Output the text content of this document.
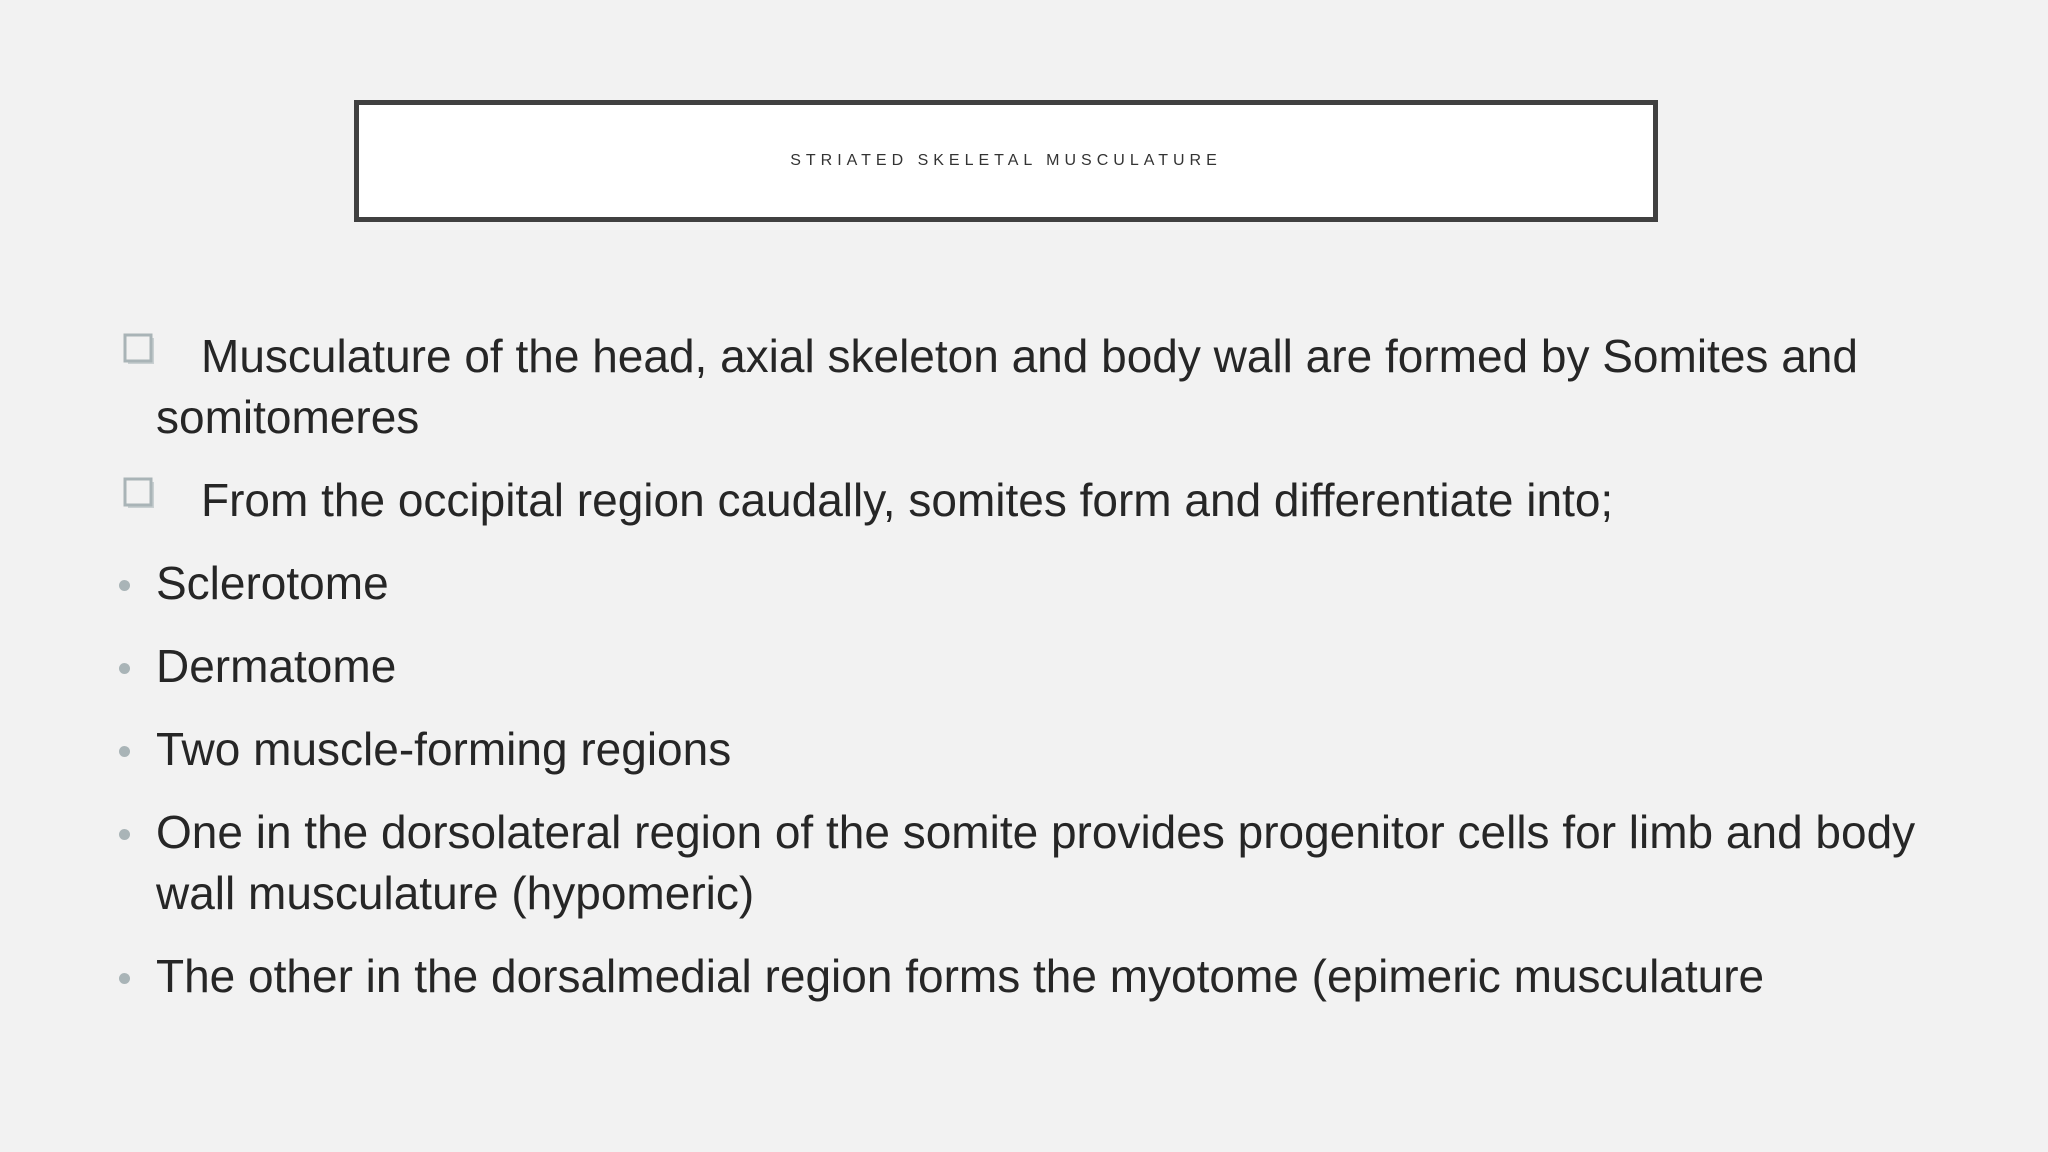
STRIATED SKELETAL MUSCULATURE
Musculature of the head, axial skeleton and body wall are formed by Somites and somitomeres
From the occipital region caudally, somites form and differentiate into;
Sclerotome
Dermatome
Two muscle-forming regions
One in the dorsolateral region of the somite provides progenitor cells for limb and body wall musculature (hypomeric)
The other in the dorsalmedial region forms the myotome (epimeric musculature
